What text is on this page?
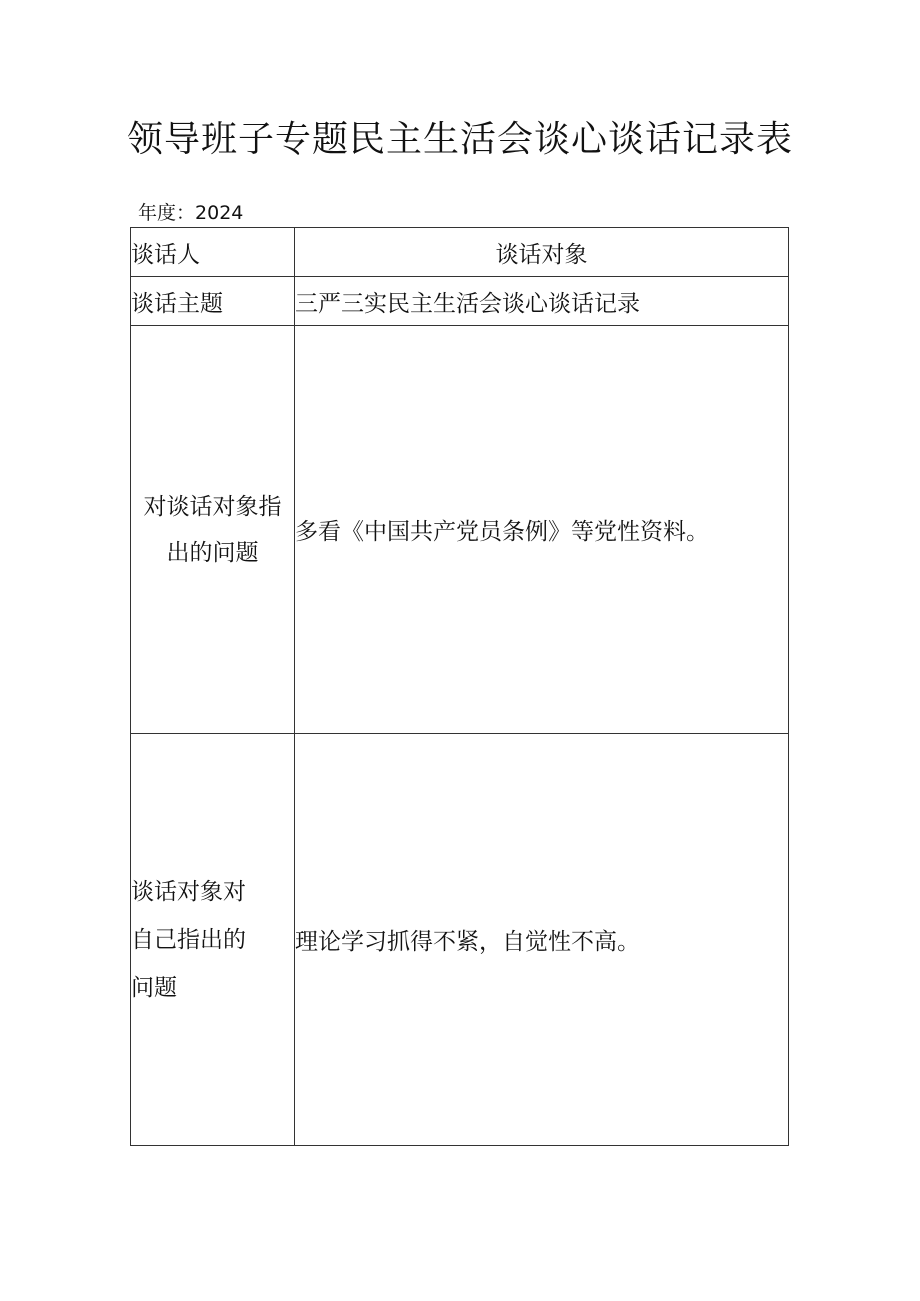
领导班子专题民主生活会谈心谈话记录表
年度：2024
谈话人	谈话对象
谈话主题	三严三实民主生活会谈心谈话记录

对谈话对象指
出的问题	多看《中国共产党员条例》等党性资料。

谈话对象对
自己指出的
问题	理论学习抓得不紧，自觉性不高。
